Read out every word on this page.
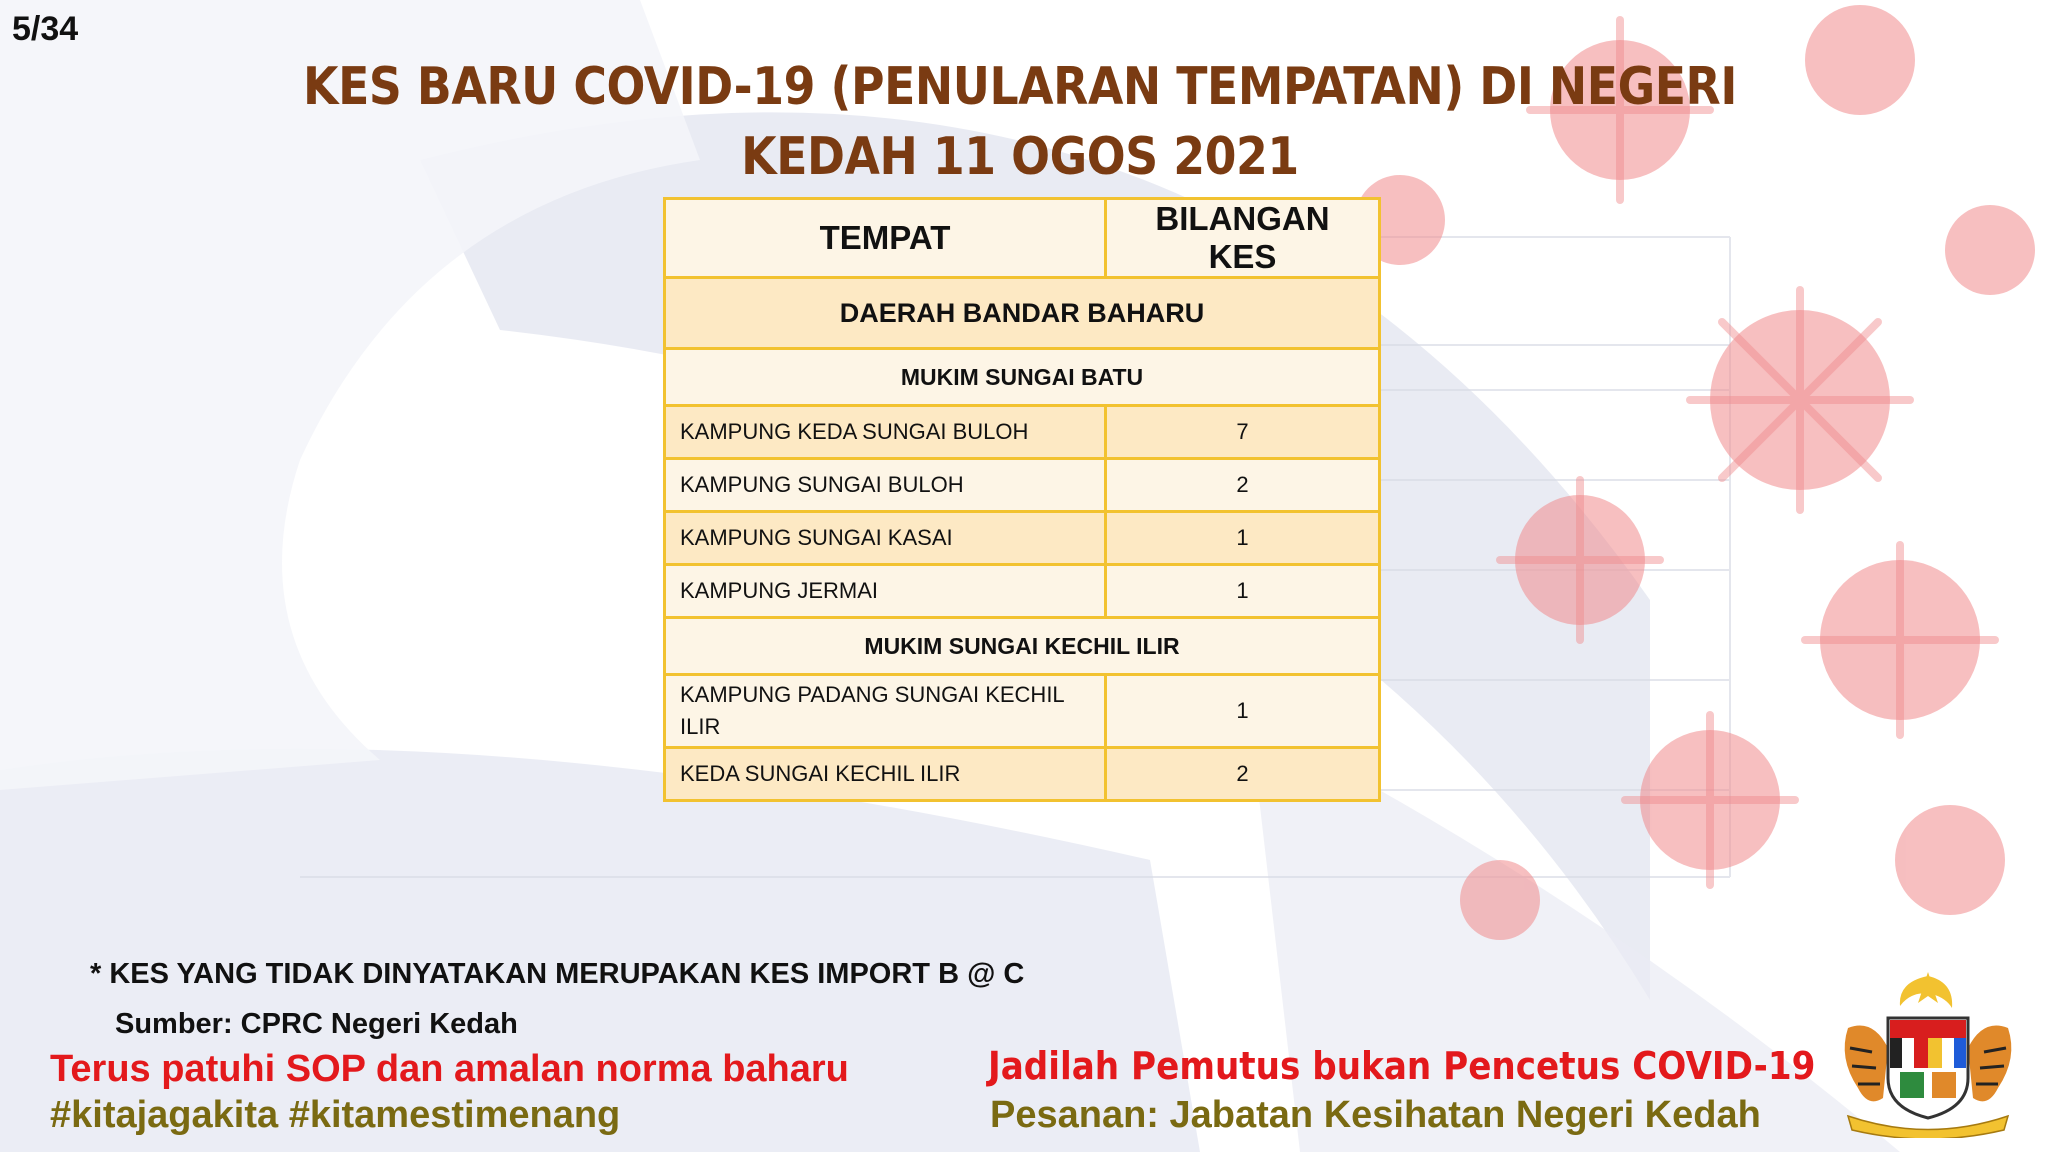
5/34
KES BARU COVID-19 (PENULARAN TEMPATAN) DI NEGERI
KEDAH 11 OGOS 2021
TEMPAT	BILANGAN KES
DAERAH BANDAR BAHARU	
MUKIM SUNGAI BATU	
KAMPUNG KEDA SUNGAI BULOH	7
KAMPUNG SUNGAI BULOH	2
KAMPUNG SUNGAI KASAI	1
KAMPUNG JERMAI	1
MUKIM SUNGAI KECHIL ILIR	
KAMPUNG PADANG SUNGAI KECHIL ILIR	1
KEDA SUNGAI KECHIL ILIR	2
* KES YANG TIDAK DINYATAKAN MERUPAKAN KES IMPORT B @ C
Sumber: CPRC Negeri Kedah
Terus patuhi SOP dan amalan norma baharu
#kitajagakita #kitamestimenang
Jadilah Pemutus bukan Pencetus COVID-19
Pesanan: Jabatan Kesihatan Negeri Kedah
